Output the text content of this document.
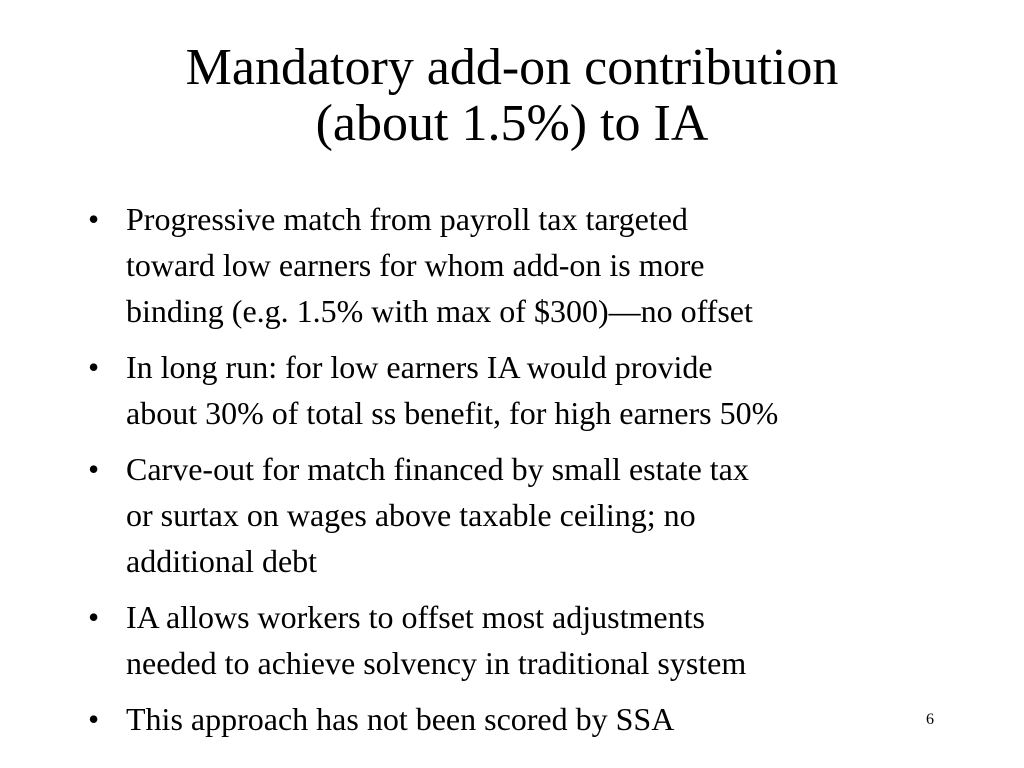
Mandatory add-on contribution
(about 1.5%) to IA
• Progressive match from payroll tax targeted
toward low earners for whom add-on is more
binding (e.g. 1.5% with max of $300)—no offset
• In long run: for low earners IA would provide
about 30% of total ss benefit, for high earners 50%
• Carve-out for match financed by small estate tax
or surtax on wages above taxable ceiling; no
additional debt
• IA allows workers to offset most adjustments
needed to achieve solvency in traditional system
• This approach has not been scored by SSA	6
